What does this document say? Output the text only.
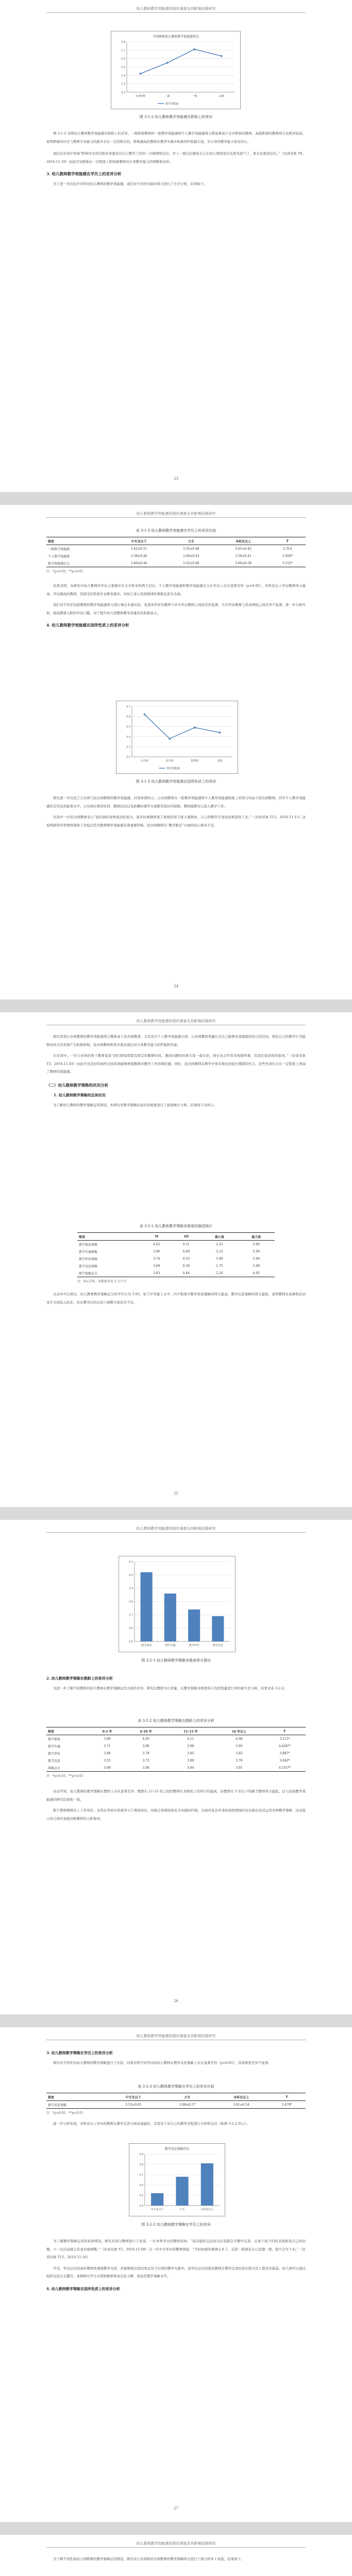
幼儿教师教学效能感的现状调查及其影响因素研究
不同职称幼儿教师教学效能感得分
3.2
3.3
3.4
3.5
3.6
3.7
3.8
未评职称	二级	一级	高级
教学效能感
图 3-1-2 幼儿教师教学效能感在职称上的差异

图 3-1-2 表明幼儿教师教学效能感在职称上的差异，一级职称教师的一般教学效能感和个人教学效能感得分都显著高于未评职称的教师，高级职称的教师得分也相对较高。说明职称的评定与教师专业能力的提升存在一定的相关性，职称越高的教师在教学实践中积累的经验越丰富，对自身的教学能力更有信心。

我们在访谈中发现“职称评定的过程本身就是对自己教学工作的一次梳理和总结，评上一级以后感觉自己在幼儿园里说话也更有底气了，家长也更加信任。”（访谈对象 T8，2016.11.10）由此可见职称在一定程度上影响着教师对自身教学能力的判断和评价。

3. 幼儿教师教学效能感在学历上的差异分析

为了进一步比较不同学历幼儿教师的教学效能感，我们对不同学历组的得分进行了方差分析，结果如下。

23
幼儿教师教学效能感的现状调查及其影响因素研究
表 3-1-3 幼儿教师教学效能感在学历上的差异比较
维度	中专及以下	大专	本科及以上	F
一般教学效能感	3.42±0.51	3.55±0.48	3.61±0.45	2.314
个人教学效能感	3.38±0.46	3.49±0.43	3.58±0.41	3.926*
教学效能感总分	3.40±0.44	3.52±0.40	3.60±0.38	3.152*
注：*p<0.05，**p<0.01

结果表明，本研究中幼儿教师的学历主要集中在大专和本科两个层次，个人教学效能感和教学效能感总分在学历上存在显著差异（p<0.05），本科及以上学历教师得分最高。学历越高的教师，其接受的系统专业教育越多，对幼儿身心发展规律的掌握也更为全面。

我们对不同学历组教师的教学效能感得分进行事后多重比较，发现本科学历教师与中专学历教师之间的差异显著，大专学历教师与其余两组之间差异不显著。进一步分析可知，提高教师入职的学历门槛，对于提升幼儿园整体教学质量具有积极意义。

4. 幼儿教师教学效能感在园所性质上的差异分析

3.2
3.3
3.4
3.5
3.6
3.7
公办园	民办园	集体园	其他
教学效能感
图 3-1-3 幼儿教师教学效能感在园所性质上的差异

研究进一步比较了公办园与民办园教师的教学效能感，结果如图所示。公办园教师在一般教学效能感和个人教学效能感维度上的得分均高于民办园教师，其中个人教学效能感的差异达到显著水平。公办园在师资培训、教研活动以及薪酬待遇等方面都有较好的保障，教师能够安心投入教学工作。

访谈中一位民办园教师表示“我们园的老师流动性很大，很多时候刚熟悉了班级的孩子就又要换班，自己的教学计划也很难坚持下去。”（访谈对象 T12，2016.11.15）这说明园所的管理体制和工作稳定性对教师教学效能感有着重要影响，民办园教师在“教学胜任”方面的信心相对不足。

24
幼儿教师教学效能感的现状调查及其影响因素研究

研究发现公办园教师的教学效能感得分整体高于民办园教师，尤其是在个人教学效能感方面。公办园教师普遍认为自己能够有效地组织幼儿的活动，相信自己的教学行为能够对幼儿的发展产生积极影响。民办园教师则更多地表现出对自身教学能力的怀疑和焦虑。

在访谈中，一位公办园的骨干教师说道“我们园每周都有固定的教研时间，遇到问题的时候大家一起讨论，园长也会经常来班级听课，给我们很具体的指导。”（访谈对象 T3，2016.11.03）由此可见良好的园所支持系统能够增强教师对教学工作的掌控感。同时，民办园教师在教学中更多地受到家长期望的压力，这些外部压力在一定程度上削弱了教师的效能感。

（二）幼儿教师教学策略的状况分析

1. 幼儿教师教学策略的总体状况

为了解幼儿教师的教学策略运用情况，本研究对教学策略问卷的各维度进行了描述统计分析，结果如下表所示。

表 3-2-1 幼儿教师教学策略各维度的描述统计
维度	M	SD	最小值	最大值
教学准备策略	4.02	0.51	2.25	5.00
教学实施策略	3.86	0.48	2.10	5.00
教学评价策略	3.74	0.55	1.80	5.00
教学反思策略	3.69	0.58	1.75	5.00
教学策略总分	3.83	0.44	2.20	4.95
注：N=276，各维度采用 5 点计分

从表中可以看出，幼儿教师教学策略总分的平均分为 3.83，处于中等偏上水平。四个维度中教学准备策略的得分最高，教学反思策略的得分最低，说明教师在备课和活动设计方面投入较多，但在教学后的反思与调整方面仍有不足。

25
幼儿教师教学效能感的现状调查及其影响因素研究
3.5
3.6
3.7
3.8
3.9
4.0
4.1
教学准备	教学实施	教学评价	教学反思
图 3-2-1 幼儿教师教学策略各维度得分情况

2. 幼儿教师教学策略在教龄上的差异分析

为进一步了解不同教龄的幼儿教师在教学策略运用方面的差异，研究以教龄为自变量，以教学策略各维度得分为因变量进行单因素方差分析，结果见表 3-2-2。

表 3-2-2 幼儿教师教学策略在教龄上的差异分析
维度	0-5 年	6-10 年	11-15 年	16 年以上	F
教学准备	3.89	4.05	4.11	4.08	3.215*
教学实施	3.71	3.90	3.98	3.95	4.426**
教学评价	3.60	3.78	3.85	3.83	3.887*
教学反思	3.55	3.72	3.80	3.76	3.642*
策略总分	3.69	3.86	3.94	3.91	4.531**
注：*p<0.05，**p<0.01

由表可知，幼儿教师的教学策略在教龄上存在显著差异，教龄在 11-15 年之间的教师在各维度上的得分均最高，而教龄在 5 年以下的新手教师得分最低，这与前面教学效能感的研究结果相一致。

新手教师刚刚走上工作岗位，虽然在学校中系统学习了理论知识，但缺乏将理论转化为实践的经验，在面对复杂多变的班级情境时往往难以灵活运用各种教学策略，这也提示幼儿园应加强对新教师的入职指导。

26
幼儿教师教学效能感的现状调查及其影响因素研究

3. 幼儿教师教学策略在学历上的差异分析

研究对不同学历幼儿教师的教学策略进行了比较，结果表明不同学历的幼儿教师在教学反思策略上存在显著差异（p<0.05），其余维度差异不显著。

表 3-2-3 幼儿教师教学策略在学历上的差异比较
维度	中专及以下	大专	本科及以上	F
教学反思策略	3.52±0.61	3.68±0.57	3.81±0.54	3.478*
注：*p<0.05，**p<0.01

进一步分析发现，本科及以上学历的教师在教学反思方面表现最好，其更善于对自己的教学过程进行分析和总结（如图 3-2-2 所示）。

教学反思策略得分
3.4
3.5
3.6
3.7
3.8
3.9
中专及以下	大专	本科及以上
图 3-2-2 幼儿教师教学策略在学历上的差异

为了解教学策略运用的具体情况，研究对部分教师进行了访谈。一位本科学历的教师谈到：“每次组织完活动以后我都会写教学反思，记录下孩子们的表现和我自己的问题，下一次活动就会有意识地调整。”（访谈对象 T5，2016.11.08）另一位中专学历的教师则说：“平时班级的事情太多了，反思一般就是在心里想一想，很少会写下来。”（访谈对象 T15，2016.11.18）

可见，学历层次较高的教师更重视教学反思，并能够将反思结果运用于后续的教学实践中，而学历层次较低的教师在教学反思的意识和方法上都有待提高。幼儿园可以通过组织反思日志撰写、案例研讨等方式帮助教师养成反思习惯，提高其教学策略水平。

4. 幼儿教师教学策略在园所性质上的差异分析

27
幼儿教师教学效能感的现状调查及其影响因素研究

为了解不同性质幼儿园教师的教学策略运用情况，研究对公办园和民办园教师的教学策略得分进行了独立样本 t 检验，结果如下。
